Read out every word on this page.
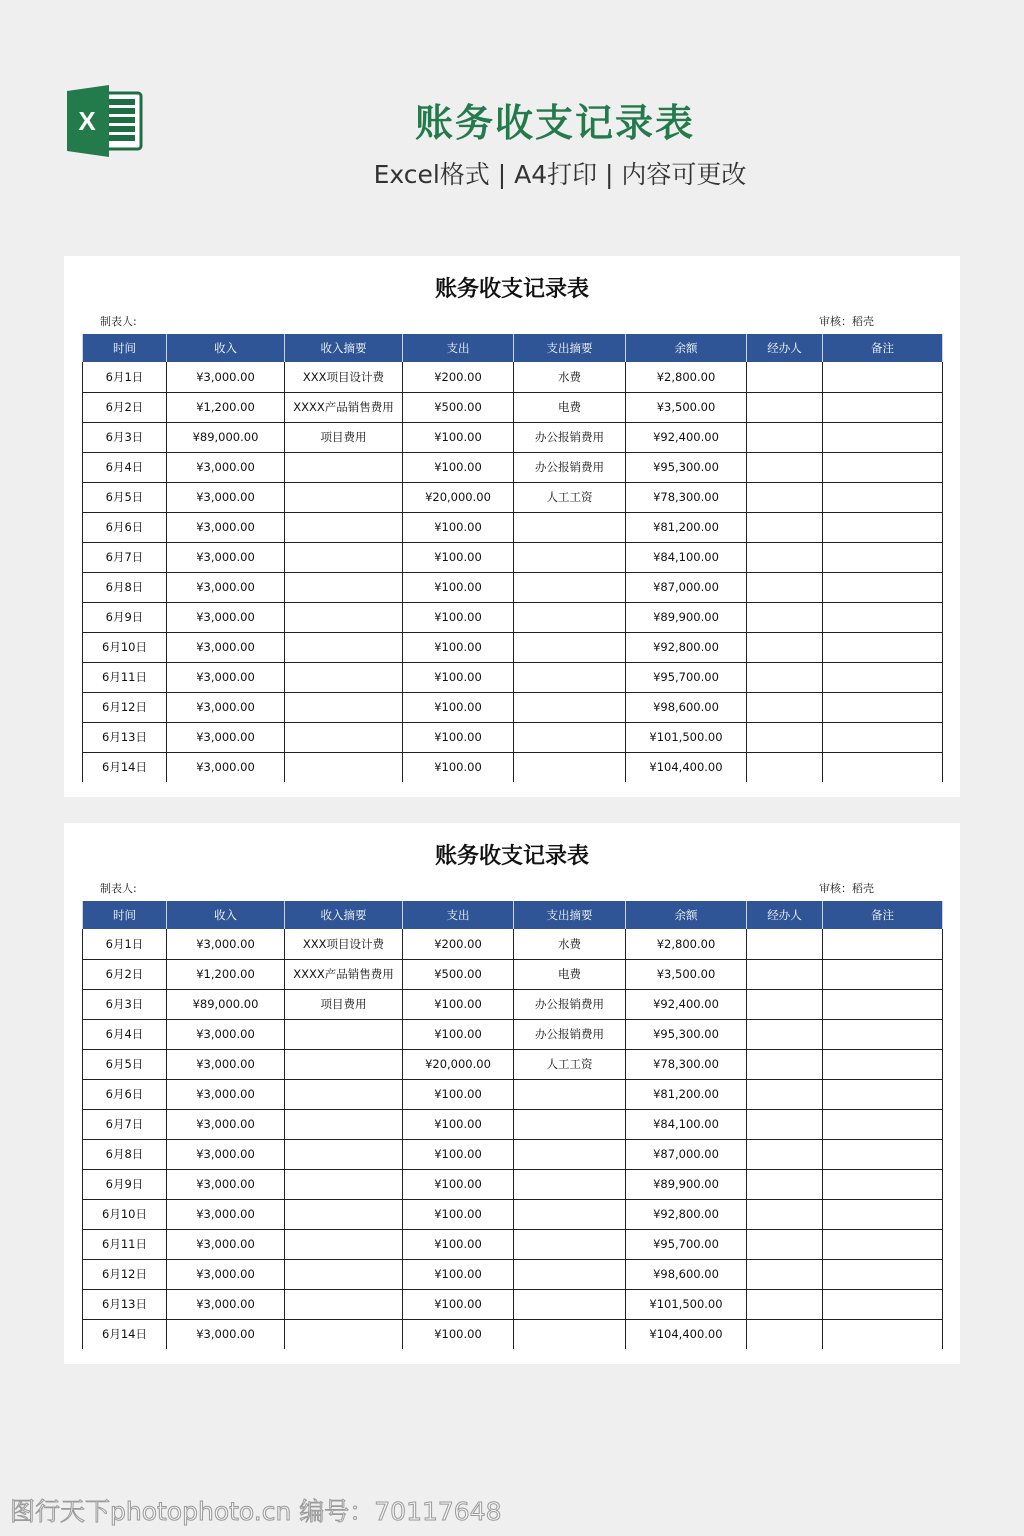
X	账务收支记录表
Excel格式 | A4打印 | 内容可更改
账务收支记录表
制表人:	审核：稻壳
时间	收入	收入摘要	支出	支出摘要	余额	经办人	备注
6月1日	¥3,000.00	XXX项目设计费	¥200.00	水费	¥2,800.00		
6月2日	¥1,200.00	XXXX产品销售费用	¥500.00	电费	¥3,500.00		
6月3日	¥89,000.00	项目费用	¥100.00	办公报销费用	¥92,400.00		
6月4日	¥3,000.00		¥100.00	办公报销费用	¥95,300.00		
6月5日	¥3,000.00		¥20,000.00	人工工资	¥78,300.00		
6月6日	¥3,000.00		¥100.00		¥81,200.00		
6月7日	¥3,000.00		¥100.00		¥84,100.00		
6月8日	¥3,000.00		¥100.00		¥87,000.00		
6月9日	¥3,000.00		¥100.00		¥89,900.00		
6月10日	¥3,000.00		¥100.00		¥92,800.00		
6月11日	¥3,000.00		¥100.00		¥95,700.00		
6月12日	¥3,000.00		¥100.00		¥98,600.00		
6月13日	¥3,000.00		¥100.00		¥101,500.00		
6月14日	¥3,000.00		¥100.00		¥104,400.00		
账务收支记录表
制表人:	审核：稻壳
时间	收入	收入摘要	支出	支出摘要	余额	经办人	备注
6月1日	¥3,000.00	XXX项目设计费	¥200.00	水费	¥2,800.00		
6月2日	¥1,200.00	XXXX产品销售费用	¥500.00	电费	¥3,500.00		
6月3日	¥89,000.00	项目费用	¥100.00	办公报销费用	¥92,400.00		
6月4日	¥3,000.00		¥100.00	办公报销费用	¥95,300.00		
6月5日	¥3,000.00		¥20,000.00	人工工资	¥78,300.00		
6月6日	¥3,000.00		¥100.00		¥81,200.00		
6月7日	¥3,000.00		¥100.00		¥84,100.00		
6月8日	¥3,000.00		¥100.00		¥87,000.00		
6月9日	¥3,000.00		¥100.00		¥89,900.00		
6月10日	¥3,000.00		¥100.00		¥92,800.00		
6月11日	¥3,000.00		¥100.00		¥95,700.00		
6月12日	¥3,000.00		¥100.00		¥98,600.00		
6月13日	¥3,000.00		¥100.00		¥101,500.00		
6月14日	¥3,000.00		¥100.00		¥104,400.00		
图行天下photophoto.cn 编号：70117648
